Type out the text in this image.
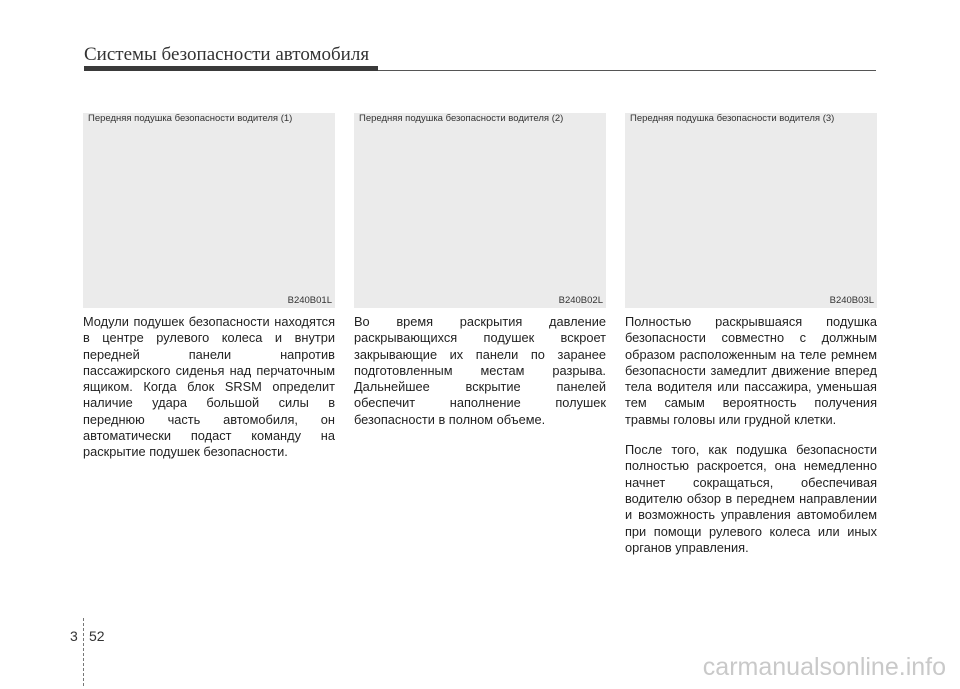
Системы безопасности автомобиля
Передняя подушка безопасности водителя (1)
B240B01L
Передняя подушка безопасности водителя (2)
B240B02L
Передняя подушка безопасности водителя (3)
B240B03L

Модули подушек безопасности находятся в центре рулевого колеса и внутри передней панели напротив пассажирского сиденья над перчаточным ящиком. Когда блок SRSM определит наличие удара большой силы в переднюю часть автомобиля, он автоматически подаст команду на раскрытие подушек безопасности.

Во время раскрытия давление раскрывающихся подушек вскроет закрывающие их панели по заранее подготовленным местам разрыва. Дальнейшее вскрытие панелей обеспечит наполнение полушек безопасности в полном объеме.

Полностью раскрывшаяся подушка безопасности совместно с должным образом расположенным на теле ремнем безопасности замедлит движение вперед тела водителя или пассажира, уменьшая тем самым вероятность получения травмы головы или грудной клетки.

После того, как подушка безопасности полностью раскроется, она немедленно начнет сокращаться, обеспечивая водителю обзор в переднем направлении и возможность управления автомобилем при помощи рулевого колеса или иных органов управления.

3 52
carmanualsonline.info
